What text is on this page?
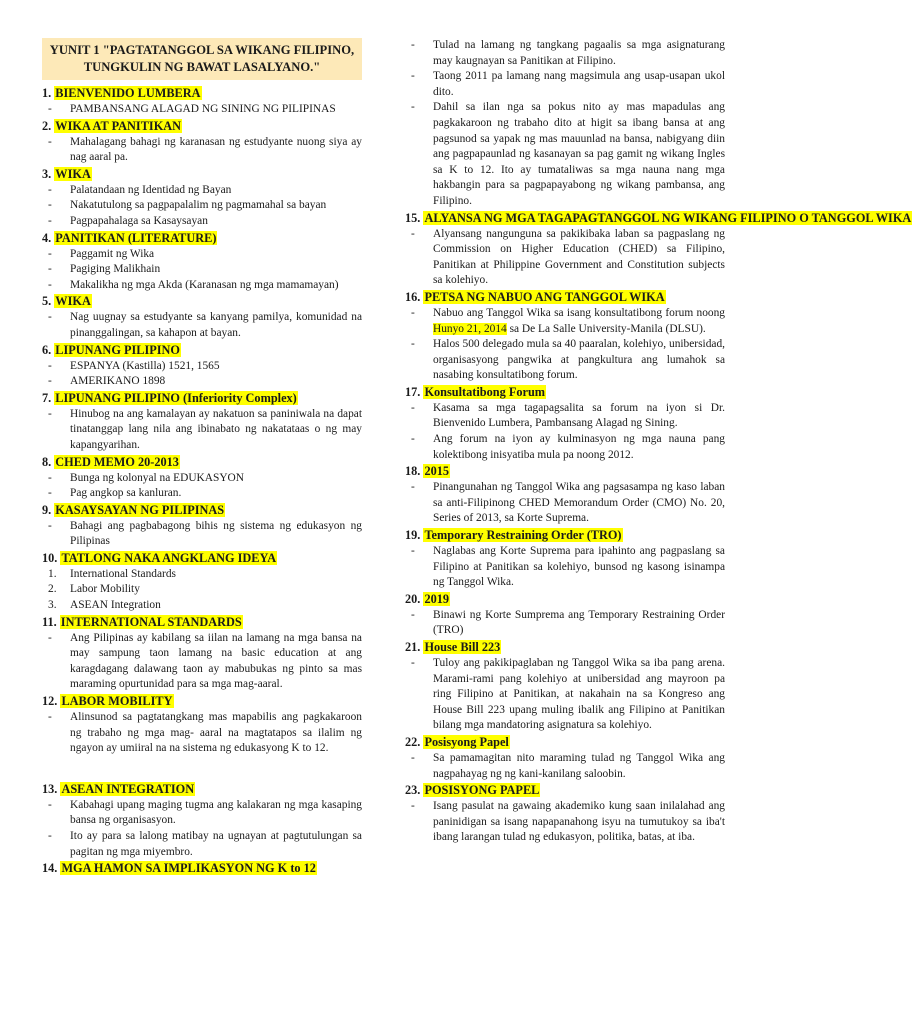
YUNIT 1 "PAGTATANGGOL SA WIKANG FILIPINO,
TUNGKULIN NG BAWAT LASALYANO."
1. BIENVENIDO LUMBERA
-	PAMBANSANG ALAGAD NG SINING NG PILIPINAS
2. WIKA AT PANITIKAN
-	Mahalagang bahagi ng karanasan ng estudyante nuong siya ay nag aaral pa.
3. WIKA
-	Palatandaan ng Identidad ng Bayan
-	Nakatutulong sa pagpapalalim ng pagmamahal sa bayan
-	Pagpapahalaga sa Kasaysayan
4. PANITIKAN (LITERATURE)
-	Paggamit ng Wika
-	Pagiging Malikhain
-	Makalikha ng mga Akda (Karanasan ng mga mamamayan)
5. WIKA
-	Nag uugnay sa estudyante sa kanyang pamilya, komunidad na pinanggalingan, sa kahapon at bayan.
6. LIPUNANG PILIPINO
-	ESPANYA (Kastilla) 1521, 1565
-	AMERIKANO 1898
7. LIPUNANG PILIPINO (Inferiority Complex)
-	Hinubog na ang kamalayan ay nakatuon sa paniniwala na dapat tinatanggap lang nila ang ibinabato ng nakatataas o ng may kapangyarihan.
8. CHED MEMO 20-2013
-	Bunga ng kolonyal na EDUKASYON
-	Pag angkop sa kanluran.
9. KASAYSAYAN NG PILIPINAS
-	Bahagi ang pagbabagong bihis ng sistema ng edukasyon ng Pilipinas
10. TATLONG NAKA ANGKLANG IDEYA
1.	International Standards
2.	Labor Mobility
3.	ASEAN Integration
11. INTERNATIONAL STANDARDS
-	Ang Pilipinas ay kabilang sa iilan na lamang na mga bansa na may sampung taon lamang na basic education at ang karagdagang dalawang taon ay mabubukas ng pinto sa mas maraming opurtunidad para sa mga mag-aaral.
12. LABOR MOBILITY
-	Alinsunod sa pagtatangkang mas mapabilis ang pagkakaroon ng trabaho ng mga mag- aaral na magtatapos sa ilalim ng ngayon ay umiiral na na sistema ng edukasyong K to 12.
13. ASEAN INTEGRATION
-	Kabahagi upang maging tugma ang kalakaran ng mga kasaping bansa ng organisasyon.
-	Ito ay para sa lalong matibay na ugnayan at pagtutulungan sa pagitan ng mga miyembro.
14. MGA HAMON SA IMPLIKASYON NG K to 12
-	Tulad na lamang ng tangkang pagaalis sa mga asignaturang may kaugnayan sa Panitikan at Filipino.
-	Taong 2011 pa lamang nang magsimula ang usap-usapan ukol dito.
-	Dahil sa ilan nga sa pokus nito ay mas mapadulas ang pagkakaroon ng trabaho dito at higit sa ibang bansa at ang pagsunod sa yapak ng mas mauunlad na bansa, nabigyang diin ang pagpapaunlad ng kasanayan sa pag gamit ng wikang Ingles sa K to 12. Ito ay tumataliwas sa mga nauna nang mga hakbangin para sa pagpapayabong ng wikang pambansa, ang Filipino.
15. ALYANSA NG MGA TAGAPAGTANGGOL NG WIKANG FILIPINO O TANGGOL WIKA
-	Alyansang nangunguna sa pakikibaka laban sa pagpaslang ng Commission on Higher Education (CHED) sa Filipino, Panitikan at Philippine Government and Constitution subjects sa kolehiyo.
16. PETSA NG NABUO ANG TANGGOL WIKA
-	Nabuo ang Tanggol Wika sa isang konsultatibong forum noong Hunyo 21, 2014 sa De La Salle University-Manila (DLSU).
-	Halos 500 delegado mula sa 40 paaralan, kolehiyo, unibersidad, organisasyong pangwika at pangkultura ang lumahok sa nasabing konsultatibong forum.
17. Konsultatibong Forum
-	Kasama sa mga tagapagsalita sa forum na iyon si Dr. Bienvenido Lumbera, Pambansang Alagad ng Sining.
-	Ang forum na iyon ay kulminasyon ng mga nauna pang kolektibong inisyatiba mula pa noong 2012.
18. 2015
-	Pinangunahan ng Tanggol Wika ang pagsasampa ng kaso laban sa anti-Filipinong CHED Memorandum Order (CMO) No. 20, Series of 2013, sa Korte Suprema.
19. Temporary Restraining Order (TRO)
-	Naglabas ang Korte Suprema para ipahinto ang pagpaslang sa Filipino at Panitikan sa kolehiyo, bunsod ng kasong isinampa ng Tanggol Wika.
20. 2019
-	Binawi ng Korte Sumprema ang Temporary Restraining Order (TRO)
21. House Bill 223
-	Tuloy ang pakikipaglaban ng Tanggol Wika sa iba pang arena. Marami-rami pang kolehiyo at unibersidad ang mayroon pa ring Filipino at Panitikan, at nakahain na sa Kongreso ang House Bill 223 upang muling ibalik ang Filipino at Panitikan bilang mga mandatoring asignatura sa kolehiyo.
22. Posisyong Papel
-	Sa pamamagitan nito maraming tulad ng Tanggol Wika ang nagpahayag ng ng kani-kanilang saloobin.
23. POSISYONG PAPEL
-	Isang pasulat na gawaing akademiko kung saan inilalahad ang paninidigan sa isang napapanahong isyu na tumutukoy sa iba't ibang larangan tulad ng edukasyon, politika, batas, at iba.
